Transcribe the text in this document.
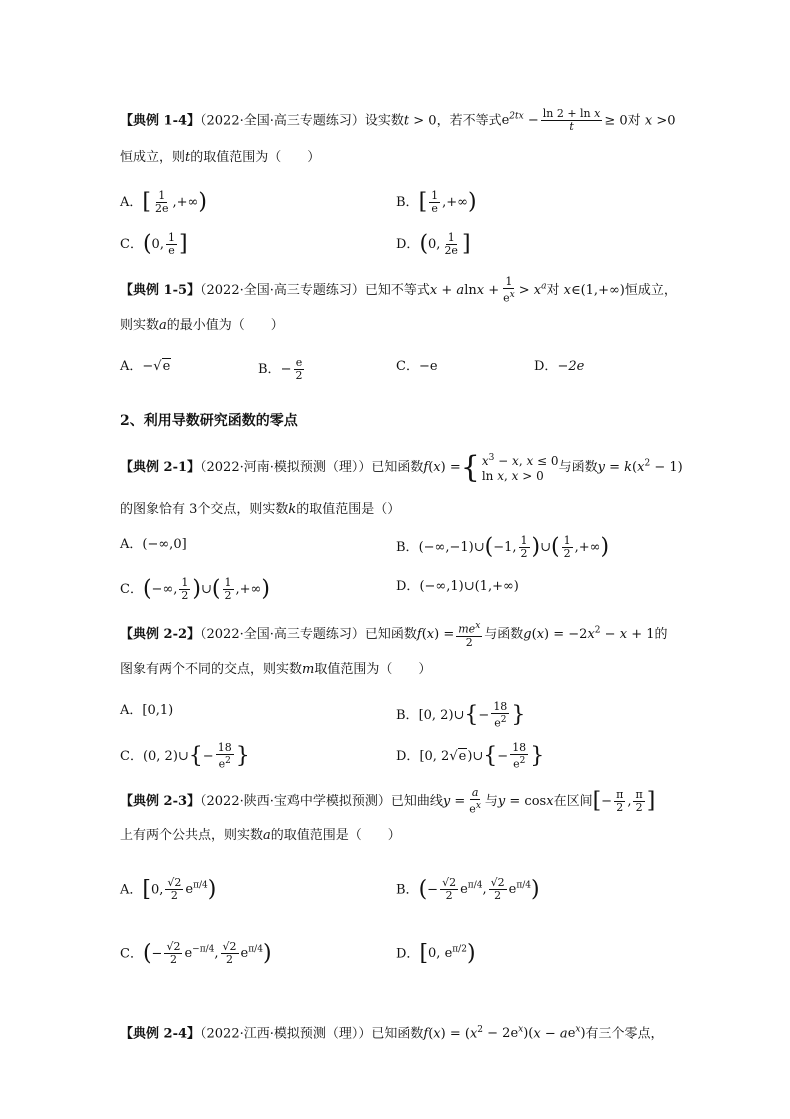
【典例 1-4】（2022·全国·高三专题练习）设实数t > 0，若不等式$e^{2tx} - \frac{\text{ln 2 + ln x}}{t} \ge 0$对 x >0
恒成立，则t的取值范围为（　　）
A．[ $\frac{1}{2e}$ ,+∞)	B．[ $\frac{1}{e}$ ,+∞)
C．(0, $\frac{1}{e}$ ]	D．(0, $\frac{1}{2e}$ ]
【典例 1-5】（2022·全国·高三专题练习）已知不等式$x + alnx + \frac{1}{e^x} > x^a$对 x∈(1,+∞)恒成立，
则实数a的最小值为（　　）
A．−√e	B．− $\frac{e}{2}$	C．−e	D．−2e
2、利用导数研究函数的零点
【典例 2-1】（2022·河南·模拟预测（理））已知函数f(x) = { $x^3 - x$, x ≤ 0
ln x, x > 0
与函数$y = k(x^2 - 1)$
的图象恰有 3个交点，则实数k的取值范围是（）
A．(−∞,0]	B．(−∞,−1)∪(−1, $\frac{1}{2}$ )∪( $\frac{1}{2}$ ,+∞)
C．(−∞, $\frac{1}{2}$ )∪( $\frac{1}{2}$ ,+∞)	D．(−∞,1)∪(1,+∞)
【典例 2-2】（2022·全国·高三专题练习）已知函数$f(x) = \frac{me^x}{2}$ 与函数$g(x) = -2x^2 - x + 1$的
图象有两个不同的交点，则实数m取值范围为（　　）
A．[0,1)	B．[0, 2)∪{− $\frac{18}{e^2}$ }
C．(0, 2)∪{− $\frac{18}{e^2}$ }	D．[0, 2√e)∪{− $\frac{18}{e^2}$ }
【典例 2-3】（2022·陕西·宝鸡中学模拟预测）已知曲线$y = \frac{a}{e^x}$ 与y = cosx在区间[− $\frac{\pi}{2}$ , $\frac{\pi}{2}$ ]
上有两个公共点，则实数a的取值范围是（　　）
A．[0, $\frac{√2}{2} e^{\pi/4}$)	B．(− $\frac{√2}{2} e^{\pi/4}$, $\frac{√2}{2} e^{\pi/4}$)
C．(− $\frac{√2}{2} e^{-\pi/4}$, $\frac{√2}{2} e^{\pi/4}$)	D．[0, $e^{\pi/2}$)
【典例 2-4】（2022·江西·模拟预测（理））已知函数$f(x) = (x^2 - 2e^x)(x - ae^x)$有三个零点，
